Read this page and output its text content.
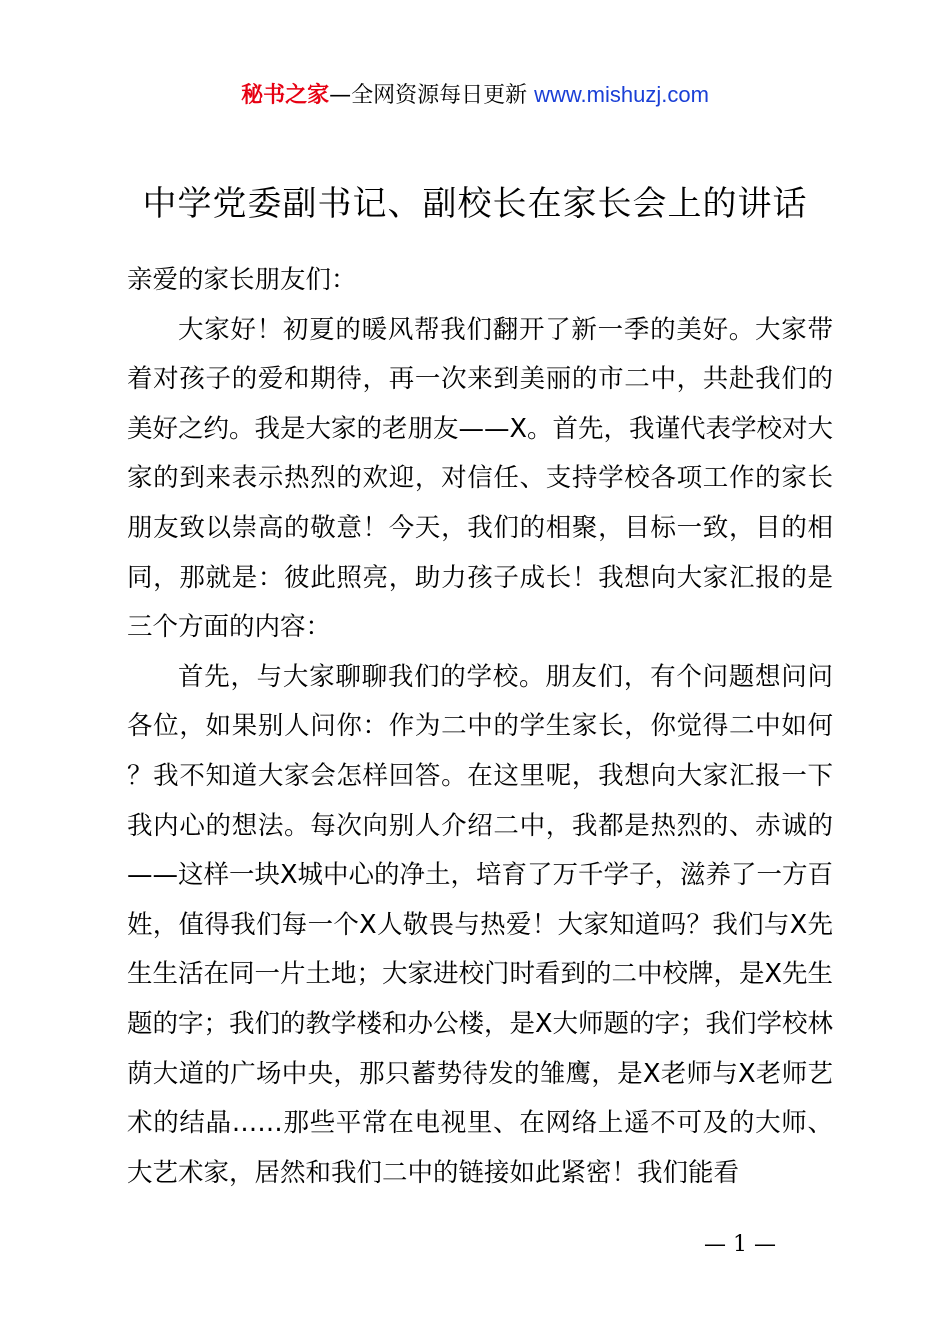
秘书之家—全网资源每日更新 www.mishuzj.com
中学党委副书记、副校长在家长会上的讲话

亲爱的家长朋友们：

大家好！初夏的暖风帮我们翻开了新一季的美好。大家带着对孩子的爱和期待，再一次来到美丽的市二中，共赴我们的美好之约。我是大家的老朋友——X。首先，我谨代表学校对大家的到来表示热烈的欢迎，对信任、支持学校各项工作的家长朋友致以崇高的敬意！今天，我们的相聚，目标一致，目的相同，那就是：彼此照亮，助力孩子成长！我想向大家汇报的是三个方面的内容：

首先，与大家聊聊我们的学校。朋友们，有个问题想问问各位，如果别人问你：作为二中的学生家长，你觉得二中如何？我不知道大家会怎样回答。在这里呢，我想向大家汇报一下我内心的想法。每次向别人介绍二中，我都是热烈的、赤诚的——这样一块X城中心的净土，培育了万千学子，滋养了一方百姓，值得我们每一个X人敬畏与热爱！大家知道吗？我们与X先生生活在同一片土地；大家进校门时看到的二中校牌，是X先生题的字；我们的教学楼和办公楼，是X大师题的字；我们学校林荫大道的广场中央，那只蓄势待发的雏鹰，是X老师与X老师艺术的结晶……那些平常在电视里、在网络上遥不可及的大师、大艺术家，居然和我们二中的链接如此紧密！我们能看

— 1 —
